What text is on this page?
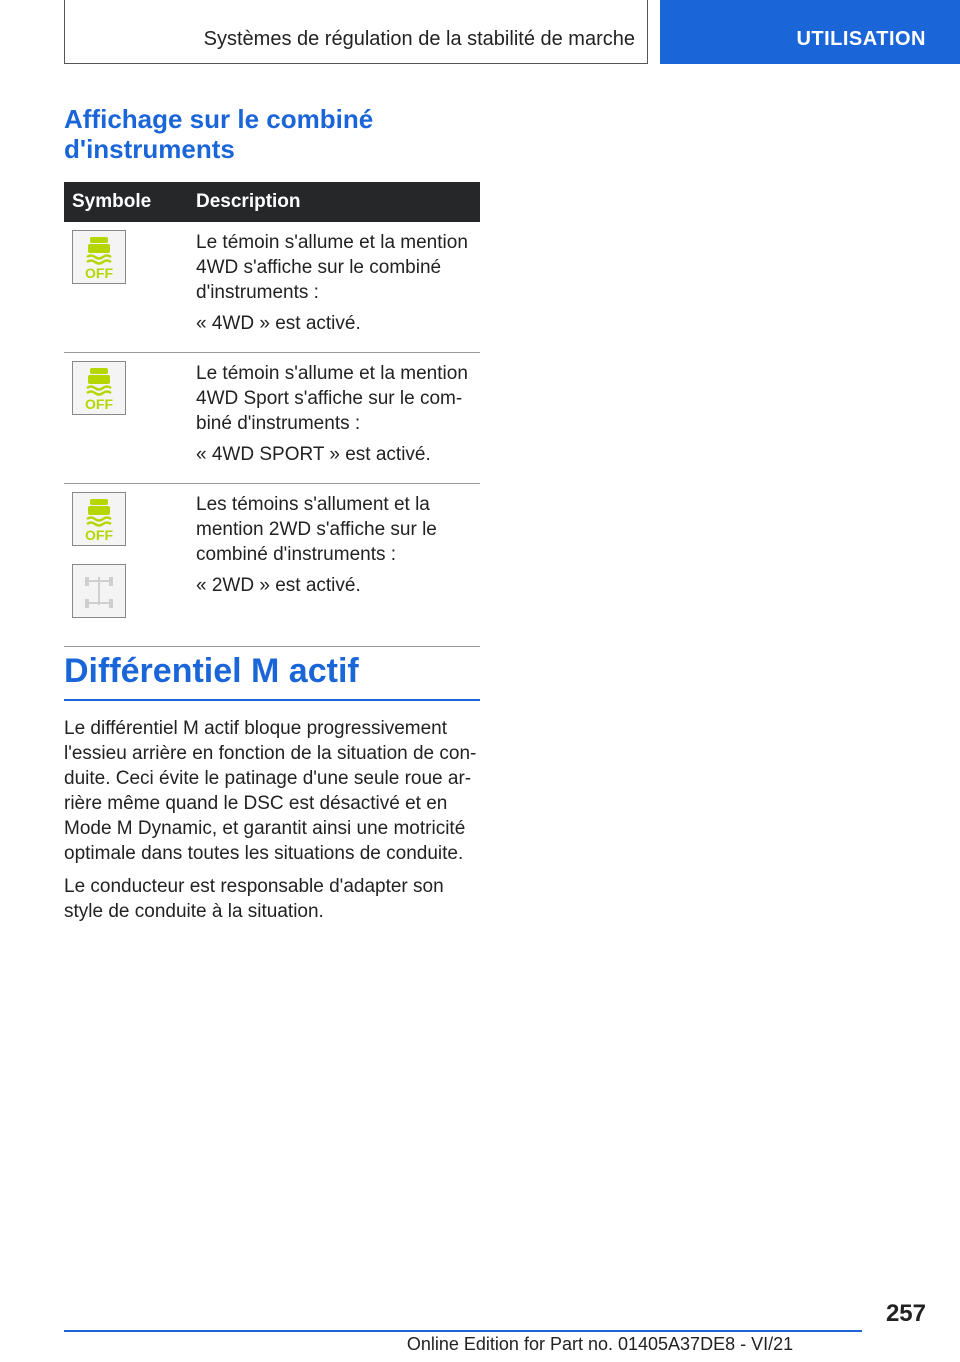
Systèmes de régulation de la stabilité de marche	UTILISATION
Affichage sur le combiné d'instruments
Symbole	Description

OFF	Le témoin s'allume et la mention 4WD s'affiche sur le combiné d'instruments :

« 4WD » est activé.

OFF	Le témoin s'allume et la mention 4WD Sport s'affiche sur le combiné d'instruments :

« 4WD SPORT » est activé.

OFF	Les témoins s'allument et la mention 2WD s'affiche sur le combiné d'instruments :

« 2WD » est activé.

Différentiel M actif

Le différentiel M actif bloque progressivement l'essieu arrière en fonction de la situation de conduite. Ceci évite le patinage d'une seule roue arrière même quand le DSC est désactivé et en Mode M Dynamic, et garantit ainsi une motricité optimale dans toutes les situations de conduite.

Le conducteur est responsable d'adapter son style de conduite à la situation.

257
Online Edition for Part no. 01405A37DE8 - VI/21
